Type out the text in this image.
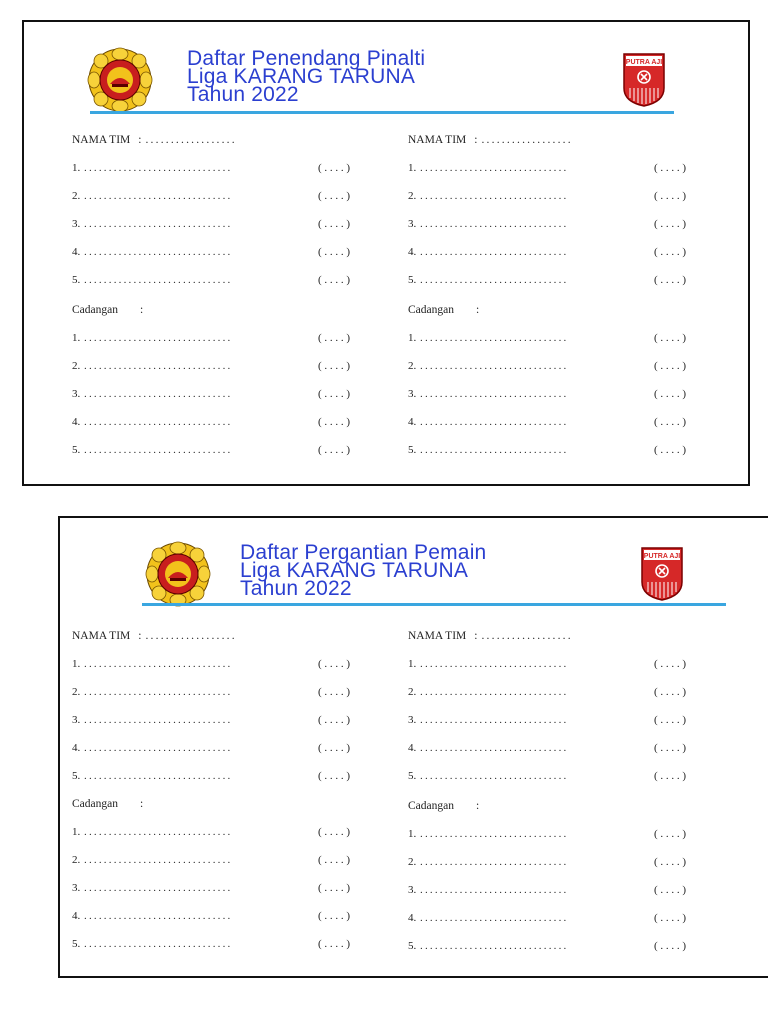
Daftar Penendang Pinalti
Liga KARANG TARUNA
Tahun 2022
PUTRA AJI
NAMA TIM : ..................
1. ..............................	( . . . . )
2. ..............................	( . . . . )
3. ..............................	( . . . . )
4. ..............................	( . . . . )
5. ..............................	( . . . . )
Cadangan :
1. ..............................	( . . . . )
2. ..............................	( . . . . )
3. ..............................	( . . . . )
4. ..............................	( . . . . )
5. ..............................	( . . . . )
NAMA TIM : ..................
1. ..............................	( . . . . )
2. ..............................	( . . . . )
3. ..............................	( . . . . )
4. ..............................	( . . . . )
5. ..............................	( . . . . )
Cadangan :
1. ..............................	( . . . . )
2. ..............................	( . . . . )
3. ..............................	( . . . . )
4. ..............................	( . . . . )
5. ..............................	( . . . . )
Daftar Pergantian Pemain
Liga KARANG TARUNA
Tahun 2022
PUTRA AJI
NAMA TIM : ..................
1. ..............................	( . . . . )
2. ..............................	( . . . . )
3. ..............................	( . . . . )
4. ..............................	( . . . . )
5. ..............................	( . . . . )
Cadangan :
1. ..............................	( . . . . )
2. ..............................	( . . . . )
3. ..............................	( . . . . )
4. ..............................	( . . . . )
5. ..............................	( . . . . )
NAMA TIM : ..................
1. ..............................	( . . . . )
2. ..............................	( . . . . )
3. ..............................	( . . . . )
4. ..............................	( . . . . )
5. ..............................	( . . . . )
Cadangan :
1. ..............................	( . . . . )
2. ..............................	( . . . . )
3. ..............................	( . . . . )
4. ..............................	( . . . . )
5. ..............................	( . . . . )
